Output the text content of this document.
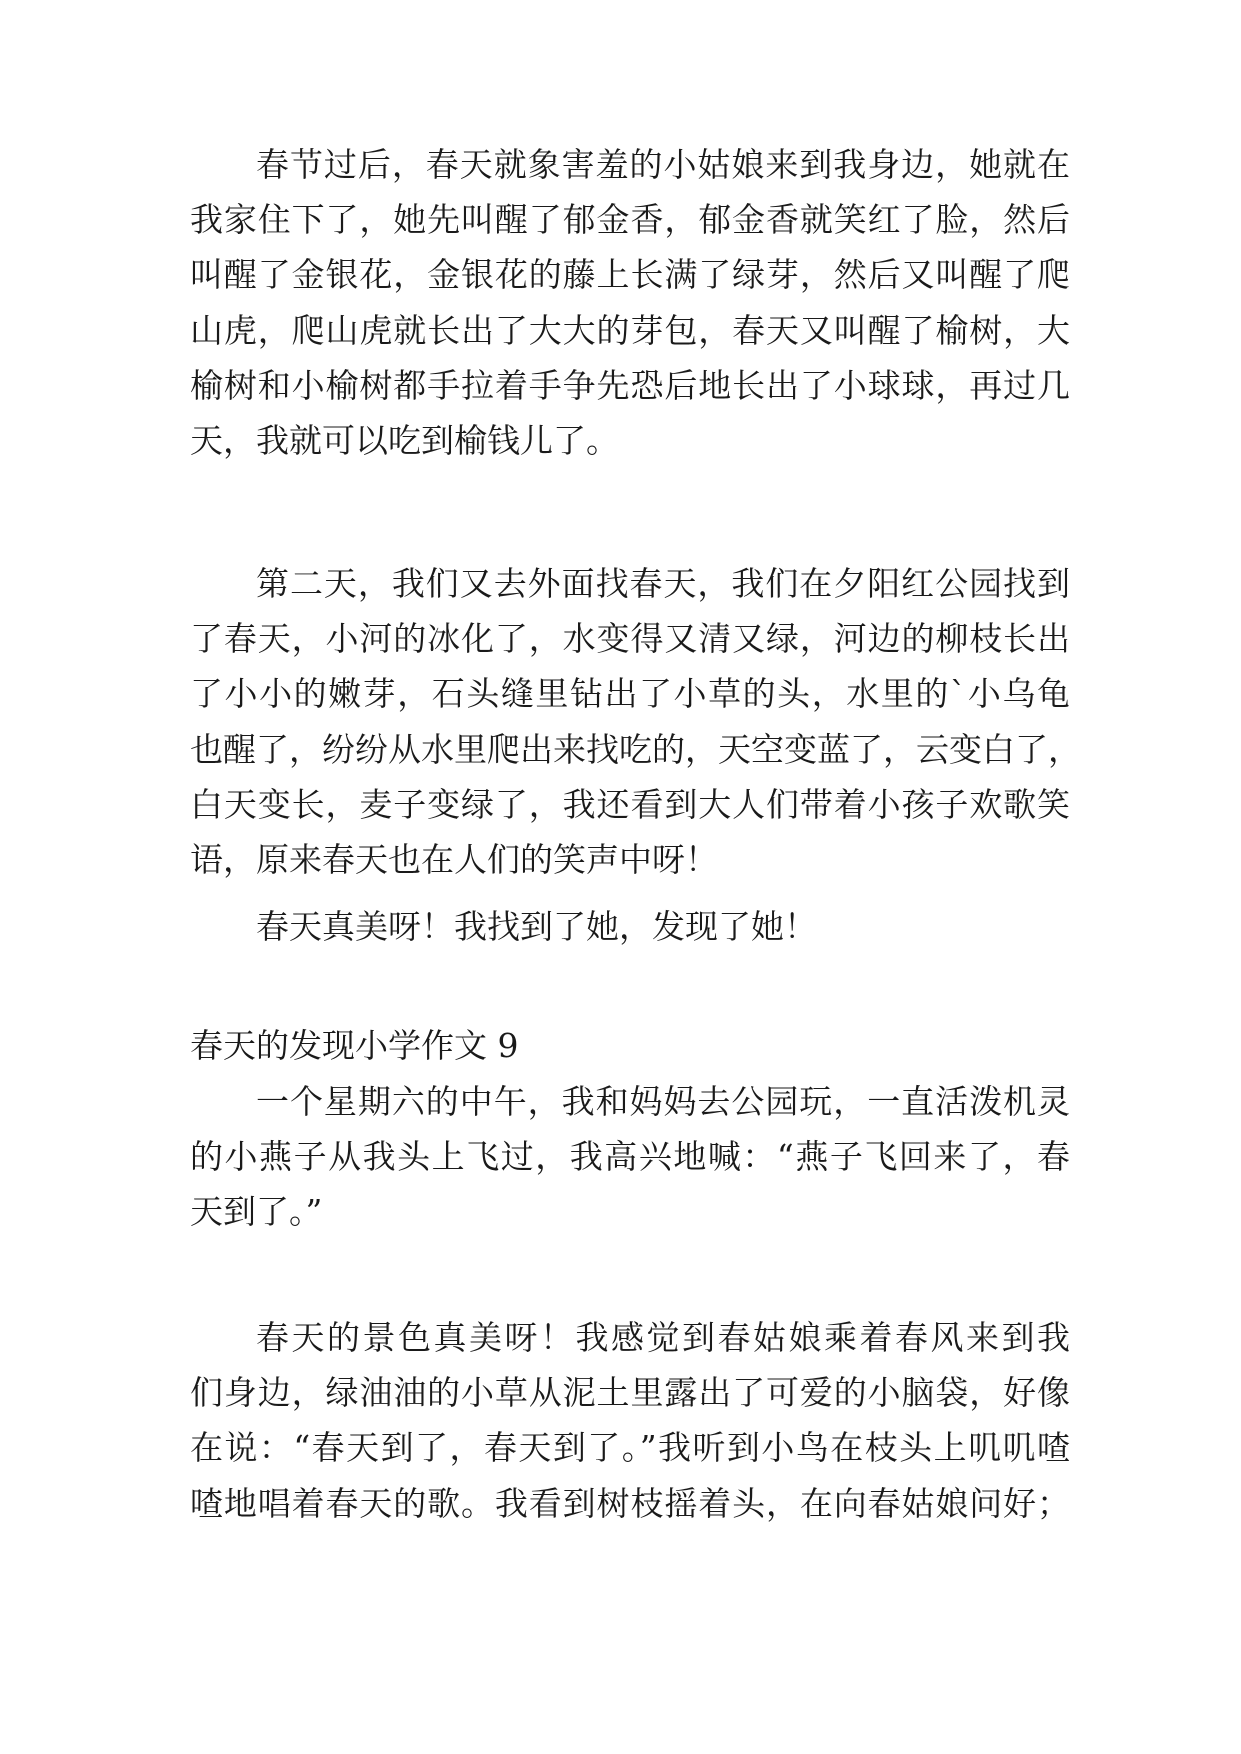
春节过后，春天就象害羞的小姑娘来到我身边，她就在

我家住下了，她先叫醒了郁金香，郁金香就笑红了脸，然后

叫醒了金银花，金银花的藤上长满了绿芽，然后又叫醒了爬

山虎，爬山虎就长出了大大的芽包，春天又叫醒了榆树，大

榆树和小榆树都手拉着手争先恐后地长出了小球球，再过几

天，我就可以吃到榆钱儿了。

第二天，我们又去外面找春天，我们在夕阳红公园找到

了春天，小河的冰化了，水变得又清又绿，河边的柳枝长出

了小小的嫩芽，石头缝里钻出了小草的头，水里的`小乌龟

也醒了，纷纷从水里爬出来找吃的，天空变蓝了，云变白了，

白天变长，麦子变绿了，我还看到大人们带着小孩子欢歌笑

语，原来春天也在人们的笑声中呀！

春天真美呀！我找到了她，发现了她！

春天的发现小学作文 9

一个星期六的中午，我和妈妈去公园玩，一直活泼机灵

的小燕子从我头上飞过，我高兴地喊：“燕子飞回来了，春

天到了。”

春天的景色真美呀！我感觉到春姑娘乘着春风来到我

们身边，绿油油的小草从泥土里露出了可爱的小脑袋，好像

在说：“春天到了，春天到了。”我听到小鸟在枝头上叽叽喳

喳地唱着春天的歌。我看到树枝摇着头，在向春姑娘问好；
